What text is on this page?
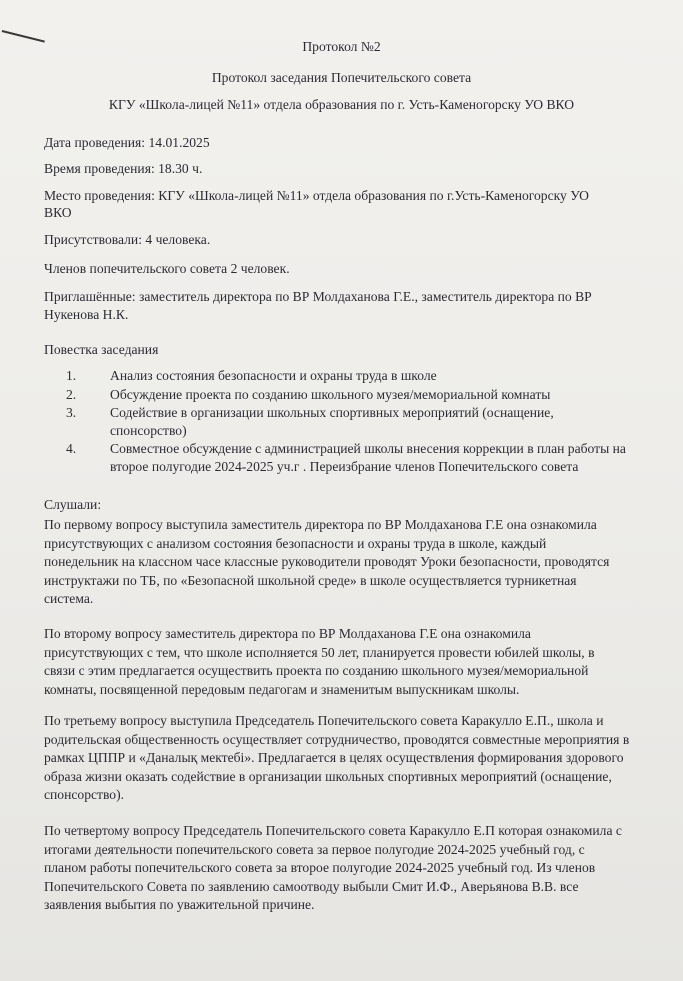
Протокол №2
Протокол заседания Попечительского совета
КГУ «Школа-лицей №11» отдела образования по г. Усть-Каменогорску УО ВКО
Дата проведения: 14.01.2025
Время проведения: 18.30 ч.
Место проведения: КГУ «Школа-лицей №11» отдела образования по г.Усть-Каменогорску УО
ВКО
Присутствовали: 4 человека.
Членов попечительского совета 2 человек.
Приглашённые: заместитель директора по ВР Молдаханова Г.Е., заместитель директора по ВР
Нукенова Н.К.
Повестка заседания
1. Анализ состояния безопасности и охраны труда в школе
2. Обсуждение проекта по созданию школьного музея/мемориальной комнаты
3. Содействие в организации школьных спортивных мероприятий (оснащение,
спонсорство)
4. Совместное обсуждение с администрацией школы внесения коррекции в план работы на
второе полугодие 2024-2025 уч.г . Переизбрание членов Попечительского совета
Слушали:
По первому вопросу выступила заместитель директора по ВР Молдаханова Г.Е она ознакомила
присутствующих с анализом состояния безопасности и охраны труда в школе, каждый
понедельник на классном часе классные руководители проводят Уроки безопасности, проводятся
инструктажи по ТБ, по «Безопасной школьной среде» в школе осуществляется турникетная
система.
По второму вопросу заместитель директора по ВР Молдаханова Г.Е она ознакомила
присутствующих с тем, что школе исполняется 50 лет, планируется провести юбилей школы, в
связи с этим предлагается осуществить проекта по созданию школьного музея/мемориальной
комнаты, посвященной передовым педагогам и знаменитым выпускникам школы.
По третьему вопросу выступила Председатель Попечительского совета Каракулло Е.П., школа и
родительская общественность осуществляет сотрудничество, проводятся совместные мероприятия в
рамках ЦППР и «Даналық мектебі». Предлагается в целях осуществления формирования здорового
образа жизни оказать содействие в организации школьных спортивных мероприятий (оснащение,
спонсорство).
По четвертому вопросу Председатель Попечительского совета Каракулло Е.П которая ознакомила с
итогами деятельности попечительского совета за первое полугодие 2024-2025 учебный год, с
планом работы попечительского совета за второе полугодие 2024-2025 учебный год. Из членов
Попечительского Совета по заявлению самоотводу выбыли Смит И.Ф., Аверьянова В.В. все
заявления выбытия по уважительной причине.
